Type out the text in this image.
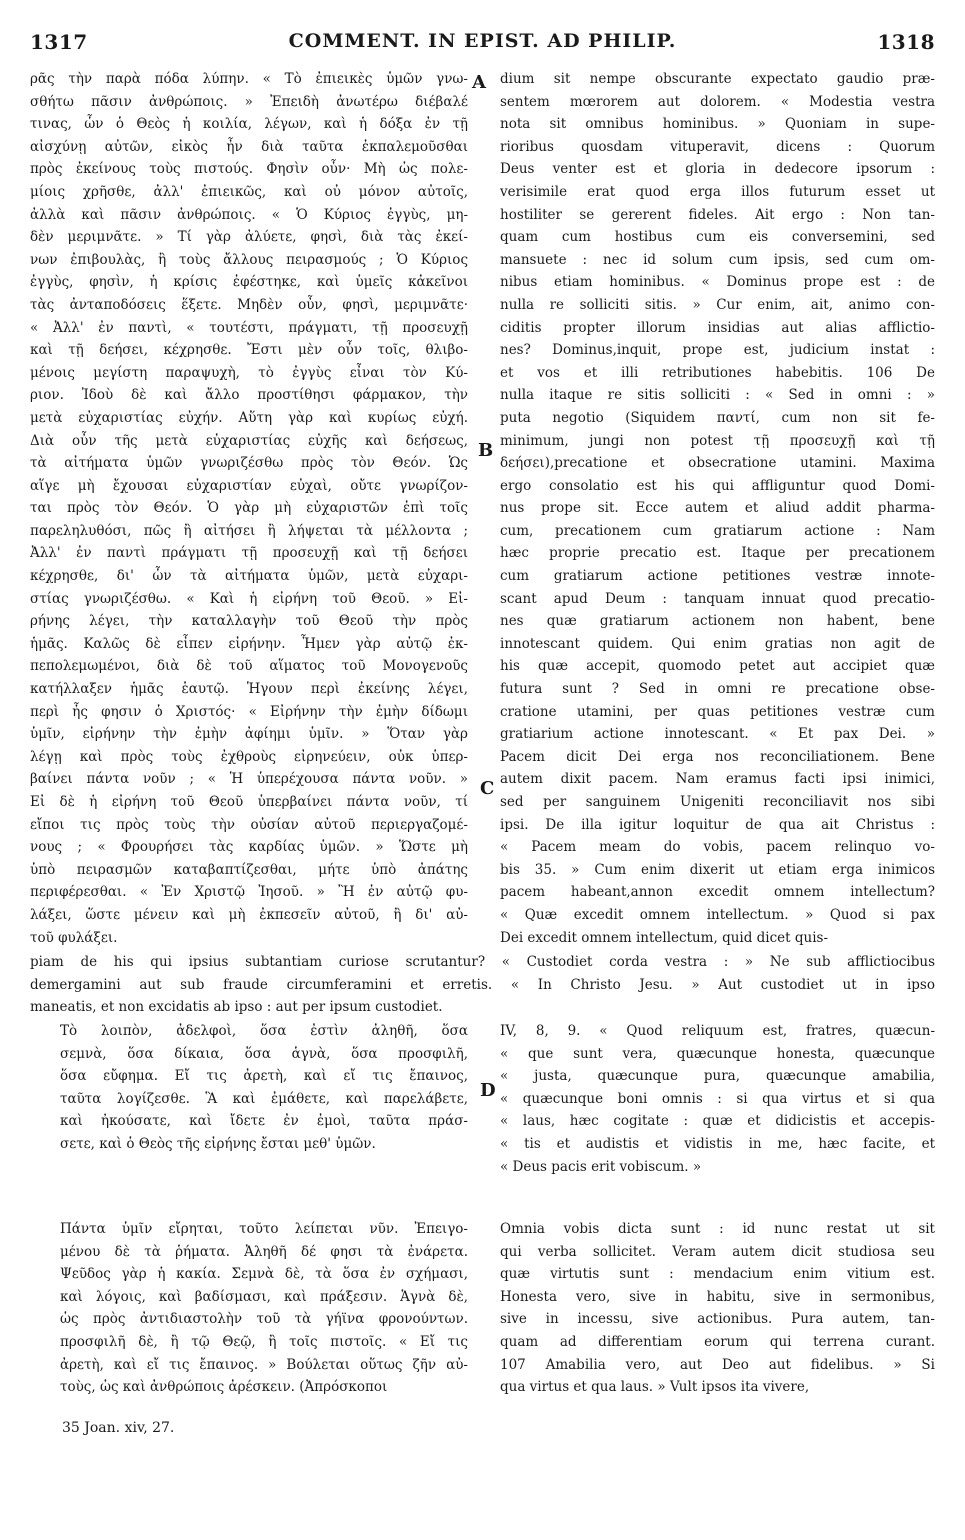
1317	COMMENT. IN EPIST. AD PHILIP.	1318
A
B
C
D
ρᾶς τὴν παρὰ πόδα λύπην. « Τὸ ἐπιεικὲς ὑμῶν γνω-
σθήτω πᾶσιν ἀνθρώποις. » Ἐπειδὴ ἀνωτέρω διέβαλέ
τινας, ὧν ὁ Θεὸς ἡ κοιλία, λέγων, καὶ ἡ δόξα ἐν τῇ
αἰσχύνῃ αὐτῶν, εἰκὸς ἦν διὰ ταῦτα ἐκπαλεμοῦσθαι
πρὸς ἐκείνους τοὺς πιστούς. Φησὶν οὖν· Μὴ ὡς πολε-
μίοις χρῆσθε, ἀλλ' ἐπιεικῶς, καὶ οὐ μόνον αὐτοῖς,
ἀλλὰ καὶ πᾶσιν ἀνθρώποις. « Ὁ Κύριος ἐγγὺς, μη-
δὲν μεριμνᾶτε. » Τί γὰρ ἀλύετε, φησὶ, διὰ τὰς ἐκεί-
νων ἐπιβουλὰς, ἢ τοὺς ἄλλους πειρασμούς ; Ὁ Κύριος
ἐγγὺς, φησὶν, ἡ κρίσις ἐφέστηκε, καὶ ὑμεῖς κἀκεῖνοι
τὰς ἀνταποδόσεις ἕξετε. Μηδὲν οὖν, φησὶ, μεριμνᾶτε·
« Ἀλλ' ἐν παντὶ, « τουτέστι, πράγματι, τῇ προσευχῇ
καὶ τῇ δεήσει, κέχρησθε. Ἔστι μὲν οὖν τοῖς, θλιβο-
μένοις μεγίστη παραψυχὴ, τὸ ἐγγὺς εἶναι τὸν Κύ-
ριον. Ἰδοὺ δὲ καὶ ἄλλο προστίθησι φάρμακον, τὴν
μετὰ εὐχαριστίας εὐχήν. Αὕτη γὰρ καὶ κυρίως εὐχή.
Διὰ οὖν τῆς μετὰ εὐχαριστίας εὐχῆς καὶ δεήσεως,
τὰ αἰτήματα ὑμῶν γνωριζέσθω πρὸς τὸν Θεόν. Ὡς
αἵγε μὴ ἔχουσαι εὐχαριστίαν εὐχαὶ, οὔτε γνωρίζον-
ται πρὸς τὸν Θεόν. Ὁ γὰρ μὴ εὐχαριστῶν ἐπὶ τοῖς
παρεληλυθόσι, πῶς ἢ αἰτήσει ἢ λήψεται τὰ μέλλοντα ;
Ἀλλ' ἐν παντὶ πράγματι τῇ προσευχῇ καὶ τῇ δεήσει
κέχρησθε, δι' ὧν τὰ αἰτήματα ὑμῶν, μετὰ εὐχαρι-
στίας γνωριζέσθω. « Καὶ ἡ εἰρήνη τοῦ Θεοῦ. » Εἰ-
ρήνης λέγει, τὴν καταλλαγὴν τοῦ Θεοῦ τὴν πρὸς
ἡμᾶς. Καλῶς δὲ εἶπεν εἰρήνην. Ἦμεν γὰρ αὐτῷ ἐκ-
πεπολεμωμένοι, διὰ δὲ τοῦ αἵματος τοῦ Μονογενοῦς
κατήλλαξεν ἡμᾶς ἑαυτῷ. Ἡγουν περὶ ἐκείνης λέγει,
περὶ ἧς φησιν ὁ Χριστός· « Εἰρήνην τὴν ἐμὴν δίδωμι
ὑμῖν, εἰρήνην τὴν ἐμὴν ἀφίημι ὑμῖν. » Ὅταν γὰρ
λέγῃ καὶ πρὸς τοὺς ἐχθροὺς εἰρηνεύειν, οὐκ ὑπερ-
βαίνει πάντα νοῦν ; « Ἡ ὑπερέχουσα πάντα νοῦν. »
Εἰ δὲ ἡ εἰρήνη τοῦ Θεοῦ ὑπερβαίνει πάντα νοῦν, τί
εἴποι τις πρὸς τοὺς τὴν οὐσίαν αὐτοῦ περιεργαζομέ-
νους ; « Φρουρήσει τὰς καρδίας ὑμῶν. » Ὥστε μὴ
ὑπὸ πειρασμῶν καταβαπτίζεσθαι, μήτε ὑπὸ ἀπάτης
περιφέρεσθαι. « Ἐν Χριστῷ Ἰησοῦ. » Ἢ ἐν αὐτῷ φυ-
λάξει, ὥστε μένειν καὶ μὴ ἐκπεσεῖν αὐτοῦ, ἢ δι' αὐ-
τοῦ φυλάξει.
dium sit nempe obscurante expectato gaudio præ-
sentem mœrorem aut dolorem. « Modestia vestra
nota sit omnibus hominibus. » Quoniam in supe-
rioribus quosdam vituperavit, dicens : Quorum
Deus venter est et gloria in dedecore ipsorum :
verisimile erat quod erga illos futurum esset ut
hostiliter se gererent fideles. Ait ergo : Non tan-
quam cum hostibus cum eis conversemini, sed
mansuete : nec id solum cum ipsis, sed cum om-
nibus etiam hominibus. « Dominus prope est : de
nulla re solliciti sitis. » Cur enim, ait, animo con-
ciditis propter illorum insidias aut alias afflictio-
nes? Dominus,inquit, prope est, judicium instat :
et vos et illi retributiones habebitis. 106 De
nulla itaque re sitis solliciti : « Sed in omni : »
puta negotio (Siquidem παντί, cum non sit fe-
minimum, jungi non potest τῇ προσευχῇ καὶ τῇ
δεήσει),precatione et obsecratione utamini. Maxima
ergo consolatio est his qui affliguntur quod Domi-
nus prope sit. Ecce autem et aliud addit pharma-
cum, precationem cum gratiarum actione : Nam
hæc proprie precatio est. Itaque per precationem
cum gratiarum actione petitiones vestræ innote-
scant apud Deum : tanquam innuat quod precatio-
nes quæ gratiarum actionem non habent, bene
innotescant quidem. Qui enim gratias non agit de
his quæ accepit, quomodo petet aut accipiet quæ
futura sunt ? Sed in omni re precatione obse-
cratione utamini, per quas petitiones vestræ cum
gratiarium actione innotescant. « Et pax Dei. »
Pacem dicit Dei erga nos reconciliationem. Bene
autem dixit pacem. Nam eramus facti ipsi inimici,
sed per sanguinem Unigeniti reconciliavit nos sibi
ipsi. De illa igitur loquitur de qua ait Christus :
« Pacem meam do vobis, pacem relinquo vo-
bis 35. » Cum enim dixerit ut etiam erga inimicos
pacem habeant,annon excedit omnem intellectum?
« Quæ excedit omnem intellectum. » Quod si pax
Dei excedit omnem intellectum, quid dicet quis-
piam de his qui ipsius subtantiam curiose scrutantur? « Custodiet corda vestra : » Ne sub afflictiocibus
demergamini aut sub fraude circumferamini et erretis. « In Christo Jesu. » Aut custodiet ut in ipso
maneatis, et non excidatis ab ipso : aut per ipsum custodiet.
Τὸ λοιπὸν, ἀδελφοὶ, ὅσα ἐστὶν ἀληθῆ, ὅσα
σεμνὰ, ὅσα δίκαια, ὅσα ἁγνὰ, ὅσα προσφιλῆ,
ὅσα εὔφημα. Εἴ τις ἀρετὴ, καὶ εἴ τις ἔπαινος,
ταῦτα λογίζεσθε. Ἃ καὶ ἐμάθετε, καὶ παρελάβετε,
καὶ ἠκούσατε, καὶ ἴδετε ἐν ἐμοὶ, ταῦτα πράσ-
σετε, καὶ ὁ Θεὸς τῆς εἰρήνης ἔσται μεθ' ὑμῶν.
IV, 8, 9. « Quod reliquum est, fratres, quæcun-
« que sunt vera, quæcunque honesta, quæcunque
« justa, quæcunque pura, quæcunque amabilia,
« quæcunque boni omnis : si qua virtus et si qua
« laus, hæc cogitate : quæ et didicistis et accepis-
« tis et audistis et vidistis in me, hæc facite, et
« Deus pacis erit vobiscum. »
Πάντα ὑμῖν εἴρηται, τοῦτο λείπεται νῦν. Ἐπειγο-
μένου δὲ τὰ ῥήματα. Ἀληθῆ δέ φησι τὰ ἐνάρετα.
Ψεῦδος γὰρ ἡ κακία. Σεμνὰ δὲ, τὰ ὅσα ἐν σχήμασι,
καὶ λόγοις, καὶ βαδίσμασι, καὶ πράξεσιν. Ἁγνὰ δὲ,
ὡς πρὸς ἀντιδιαστολὴν τοῦ τὰ γήϊνα φρονούντων.
προσφιλῆ δὲ, ἢ τῷ Θεῷ, ἢ τοῖς πιστοῖς. « Εἴ τις
ἀρετὴ, καὶ εἴ τις ἔπαινος. » Βούλεται οὕτως ζῆν αὐ-
τοὺς, ὡς καὶ ἀνθρώποις ἀρέσκειν. (Ἀπρόσκοποι
Omnia vobis dicta sunt : id nunc restat ut sit
qui verba sollicitet. Veram autem dicit studiosa seu
quæ virtutis sunt : mendacium enim vitium est.
Honesta vero, sive in habitu, sive in sermonibus,
sive in incessu, sive actionibus. Pura autem, tan-
quam ad differentiam eorum qui terrena curant.
107 Amabilia vero, aut Deo aut fidelibus. » Si
qua virtus et qua laus. » Vult ipsos ita vivere,
35 Joan. xiv, 27.
